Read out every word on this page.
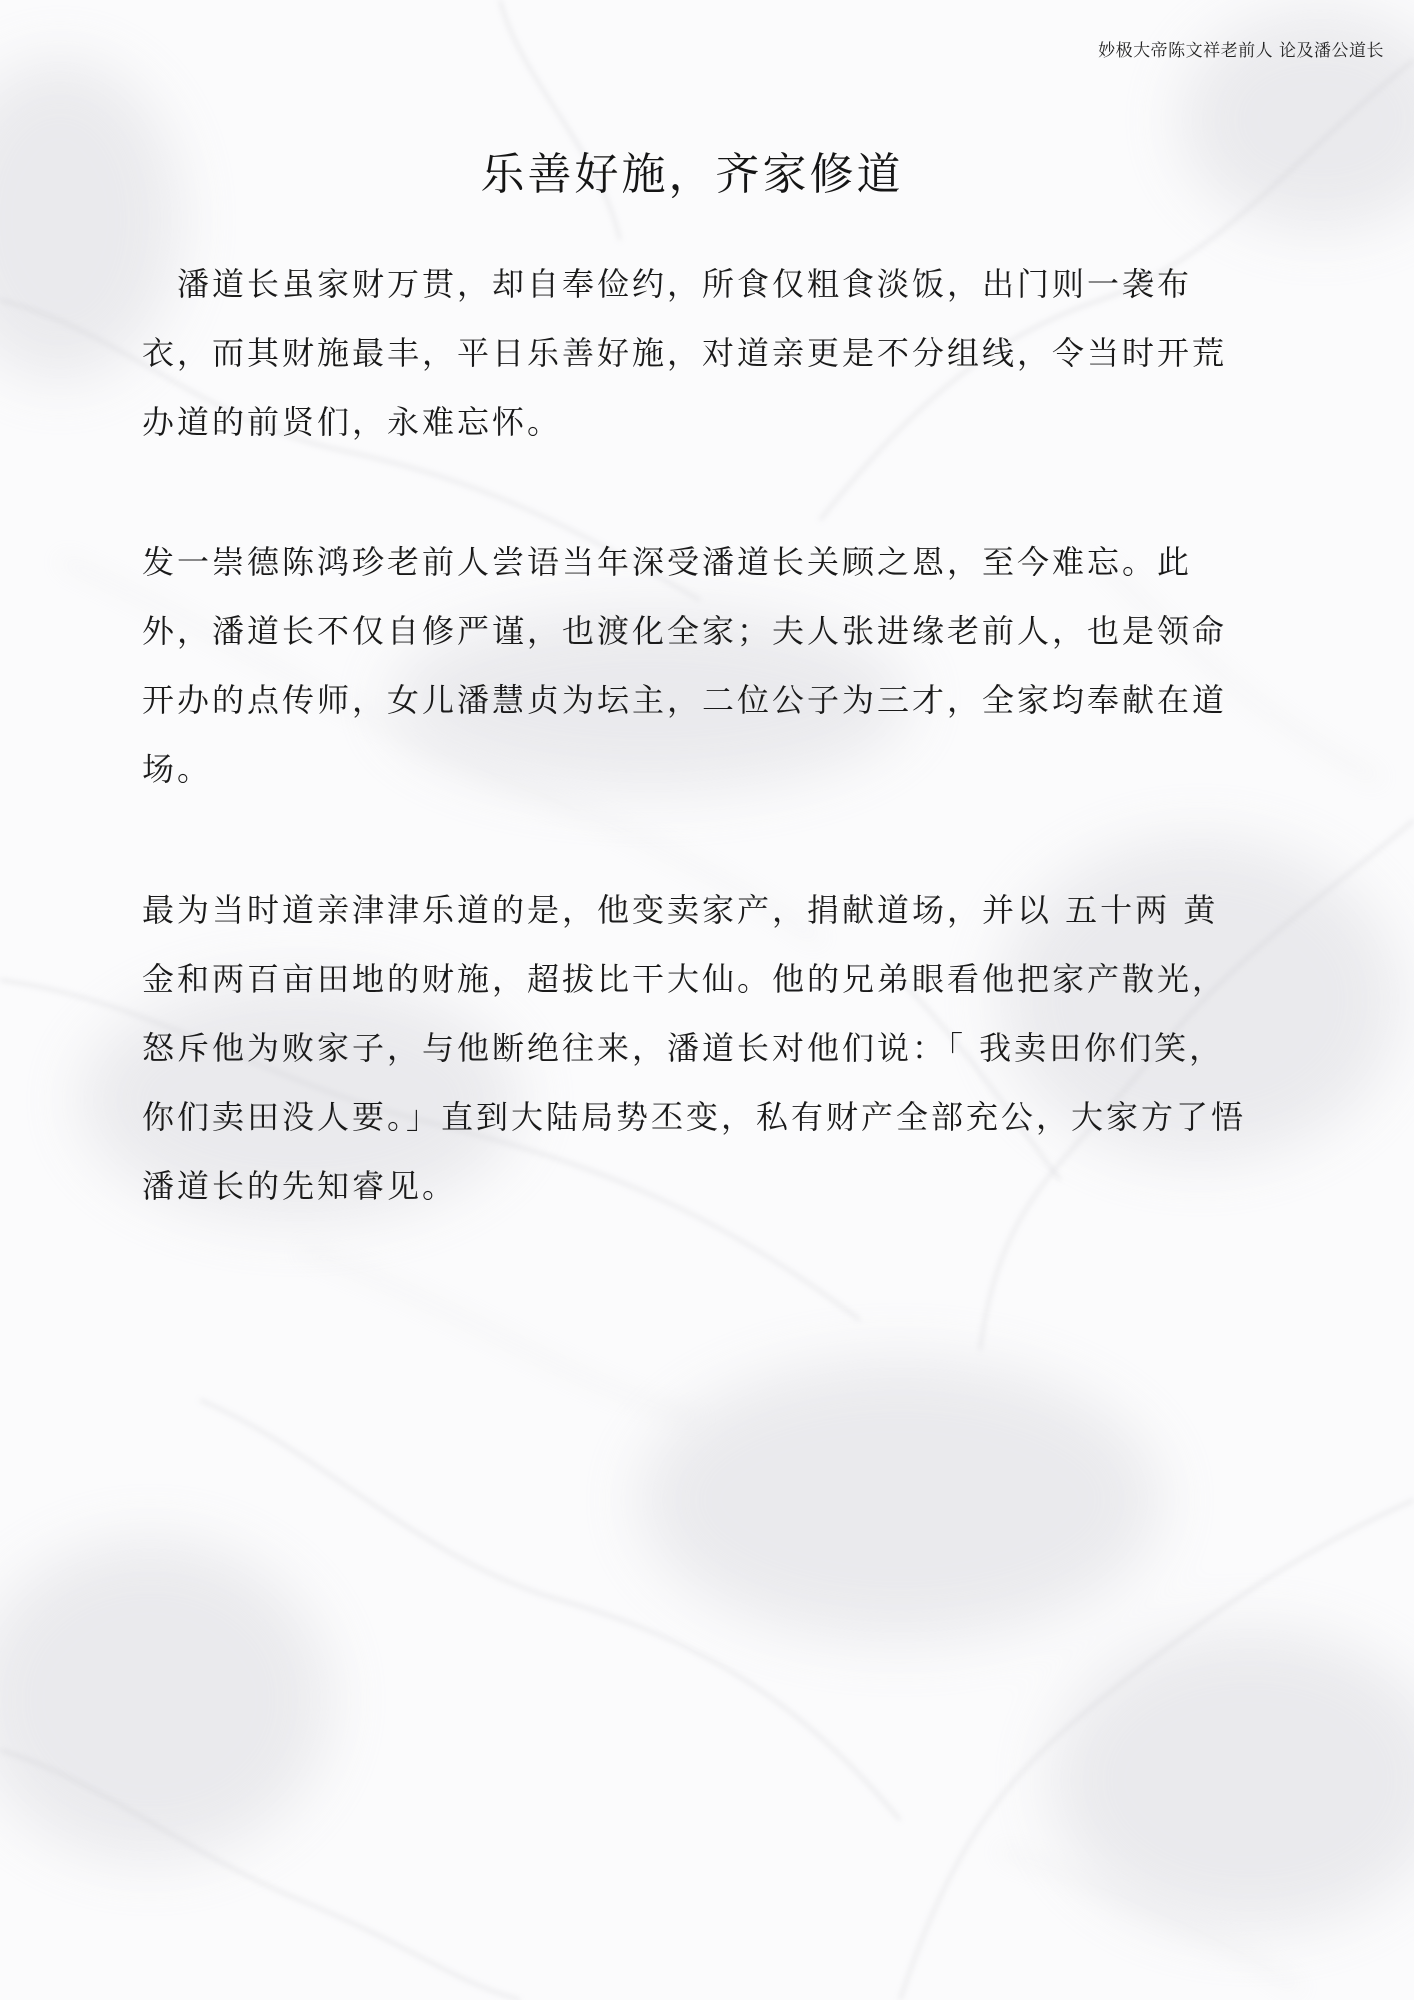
妙极大帝陈文祥老前人 论及潘公道长
乐善好施，齐家修道

　潘道长虽家财万贯，却自奉俭约，所食仅粗食淡饭，出门则一袭布衣，而其财施最丰，平日乐善好施，对道亲更是不分组线，令当时开荒办道的前贤们，永难忘怀。

发一崇德陈鸿珍老前人尝语当年深受潘道长关顾之恩，至今难忘。此外，潘道长不仅自修严谨，也渡化全家；夫人张进缘老前人，也是领命开办的点传师，女儿潘慧贞为坛主，二位公子为三才，全家均奉献在道场。

最为当时道亲津津乐道的是，他变卖家产，捐献道场，并以 五十两 黄金和两百亩田地的财施，超拔比干大仙。他的兄弟眼看他把家产散光，怒斥他为败家子，与他断绝往来，潘道长对他们说：「 我卖田你们笑，你们卖田没人要。」直到大陆局势丕变，私有财产全部充公，大家方了悟潘道长的先知睿见。
